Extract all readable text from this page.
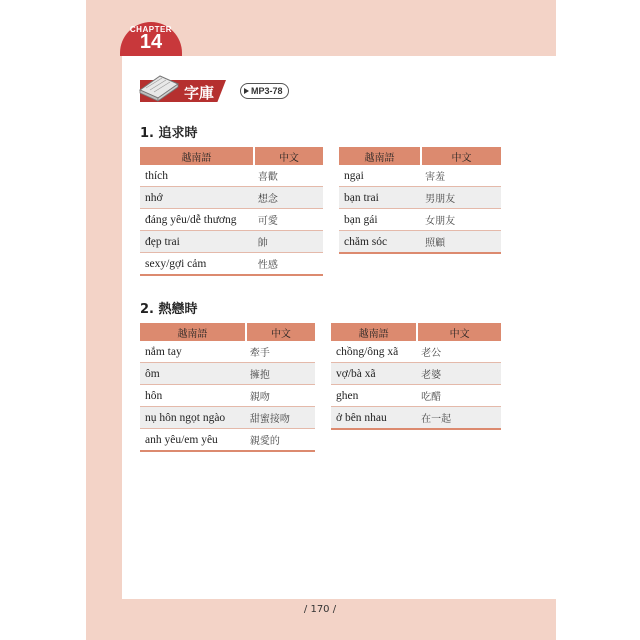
CHAPTER
14
字庫	MP3-78
1. 追求時
越南語	中文
thích	喜歡
nhớ	想念
đáng yêu/dễ thương	可愛
đẹp trai	帥
sexy/gợi cảm	性感
越南語	中文
ngại	害羞
bạn trai	男朋友
bạn gái	女朋友
chăm sóc	照顧
2. 熱戀時
越南語	中文
nắm tay	牽手
ôm	擁抱
hôn	親吻
nụ hôn ngọt ngào	甜蜜接吻
anh yêu/em yêu	親愛的
越南語	中文
chồng/ông xã	老公
vợ/bà xã	老婆
ghen	吃醋
ở bên nhau	在一起
/ 170 /
